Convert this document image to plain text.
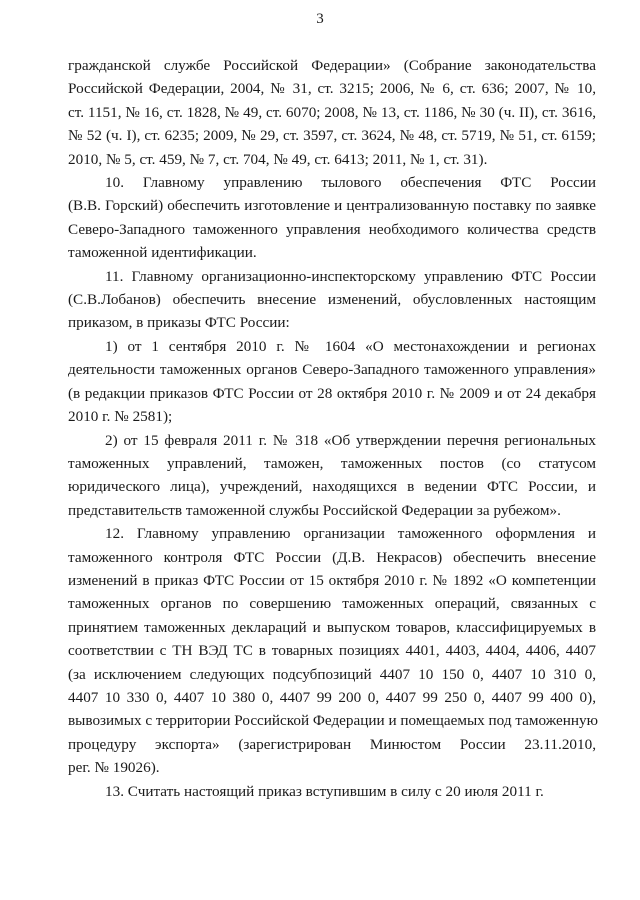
3
гражданской службе Российской Федерации» (Собрание законодательства
Российской Федерации, 2004, № 31, ст. 3215; 2006, № 6, ст. 636; 2007, № 10,
ст. 1151, № 16, ст. 1828, № 49, ст. 6070; 2008, № 13, ст. 1186, № 30 (ч. II), ст. 3616,
№ 52 (ч. I), ст. 6235; 2009, № 29, ст. 3597, ст. 3624, № 48, ст. 5719, № 51, ст. 6159;
2010, № 5, ст. 459, № 7, ст. 704, № 49, ст. 6413; 2011, № 1, ст. 31).
10. Главному управлению тылового обеспечения ФТС России
(В.В. Горский) обеспечить изготовление и централизованную поставку по заявке
Северо-Западного таможенного управления необходимого количества средств
таможенной идентификации.
11. Главному организационно-инспекторскому управлению ФТС России
(С.В.Лобанов) обеспечить внесение изменений, обусловленных настоящим
приказом, в приказы ФТС России:
1) от 1 сентября 2010 г. № 1604 «О местонахождении и регионах
деятельности таможенных органов Северо-Западного таможенного управления»
(в редакции приказов ФТС России от 28 октября 2010 г. № 2009 и от 24 декабря
2010 г. № 2581);
2) от 15 февраля 2011 г. № 318 «Об утверждении перечня региональных
таможенных управлений, таможен, таможенных постов (со статусом
юридического лица), учреждений, находящихся в ведении ФТС России, и
представительств таможенной службы Российской Федерации за рубежом».
12. Главному управлению организации таможенного оформления и
таможенного контроля ФТС России (Д.В. Некрасов) обеспечить внесение
изменений в приказ ФТС России от 15 октября 2010 г. № 1892 «О компетенции
таможенных органов по совершению таможенных операций, связанных с
принятием таможенных деклараций и выпуском товаров, классифицируемых в
соответствии с ТН ВЭД ТС в товарных позициях 4401, 4403, 4404, 4406, 4407
(за исключением следующих подсубпозиций 4407 10 150 0, 4407 10 310 0,
4407 10 330 0, 4407 10 380 0, 4407 99 200 0, 4407 99 250 0, 4407 99 400 0),
вывозимых с территории Российской Федерации и помещаемых под таможенную
процедуру экспорта» (зарегистрирован Минюстом России 23.11.2010,
рег. № 19026).
13. Считать настоящий приказ вступившим в силу с 20 июля 2011 г.
